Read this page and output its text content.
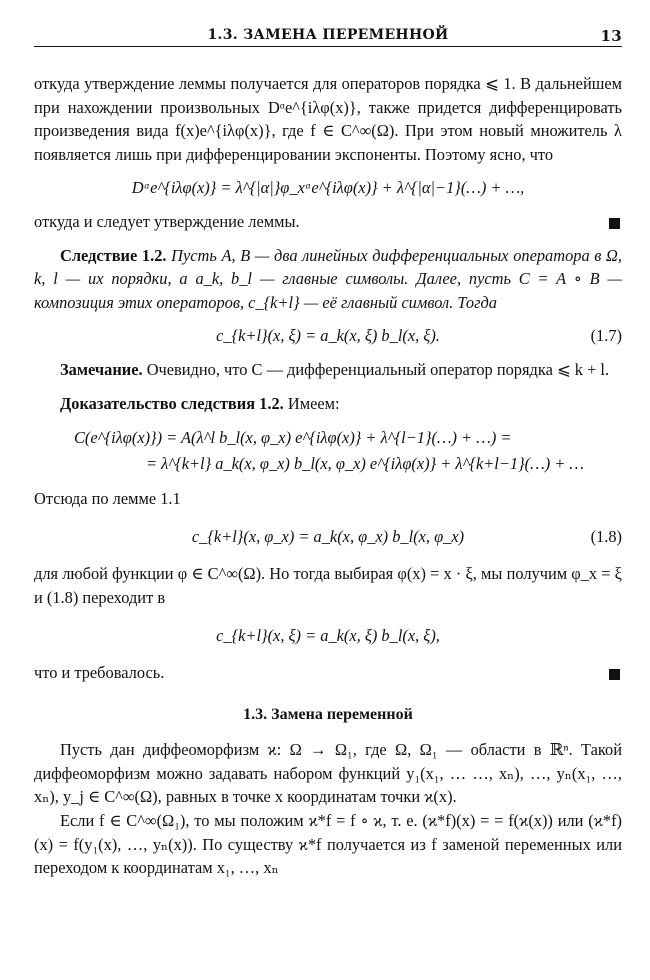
1.3. ЗАМЕНА ПЕРЕМЕННОЙ	13

откуда утверждение леммы получается для операторов порядка ⩽ 1. В дальнейшем при нахождении произвольных Dᵅe^{iλφ(x)}, также придется дифференцировать произведения вида f(x)e^{iλφ(x)}, где f ∈ C^∞(Ω). При этом новый множитель λ появляется лишь при дифференцировании экспоненты. Поэтому ясно, что

Dᵅe^{iλφ(x)} = λ^{|α|}φ_xᵅe^{iλφ(x)} + λ^{|α|−1}(…) + …,

откуда и следует утверждение леммы.

Следствие 1.2. Пусть A, B — два линейных дифференциальных оператора в Ω, k, l — их порядки, а a_k, b_l — главные символы. Далее, пусть C = A ∘ B — композиция этих операторов, c_{k+l} — её главный символ. Тогда

c_{k+l}(x, ξ) = a_k(x, ξ) b_l(x, ξ).	(1.7)

Замечание. Очевидно, что C — дифференциальный оператор порядка ⩽ k + l.

Доказательство следствия 1.2. Имеем:

C(e^{iλφ(x)}) = A(λ^l b_l(x, φ_x) e^{iλφ(x)} + λ^{l−1}(…) + …) =
= λ^{k+l} a_k(x, φ_x) b_l(x, φ_x) e^{iλφ(x)} + λ^{k+l−1}(…) + …

Отсюда по лемме 1.1

c_{k+l}(x, φ_x) = a_k(x, φ_x) b_l(x, φ_x)	(1.8)

для любой функции φ ∈ C^∞(Ω). Но тогда выбирая φ(x) = x · ξ, мы получим φ_x = ξ и (1.8) переходит в

c_{k+l}(x, ξ) = a_k(x, ξ) b_l(x, ξ),

что и требовалось.

1.3. Замена переменной

Пусть дан диффеоморфизм ϰ: Ω → Ω₁, где Ω, Ω₁ — области в ℝⁿ. Такой диффеоморфизм можно задавать набором функций y₁(x₁, … …, xₙ), …, yₙ(x₁, …, xₙ), y_j ∈ C^∞(Ω), равных в точке x координатам точки ϰ(x).

Если f ∈ C^∞(Ω₁), то мы положим ϰ*f = f ∘ ϰ, т. е. (ϰ*f)(x) = = f(ϰ(x)) или (ϰ*f)(x) = f(y₁(x), …, yₙ(x)). По существу ϰ*f получается из f заменой переменных или переходом к координатам x₁, …, xₙ
